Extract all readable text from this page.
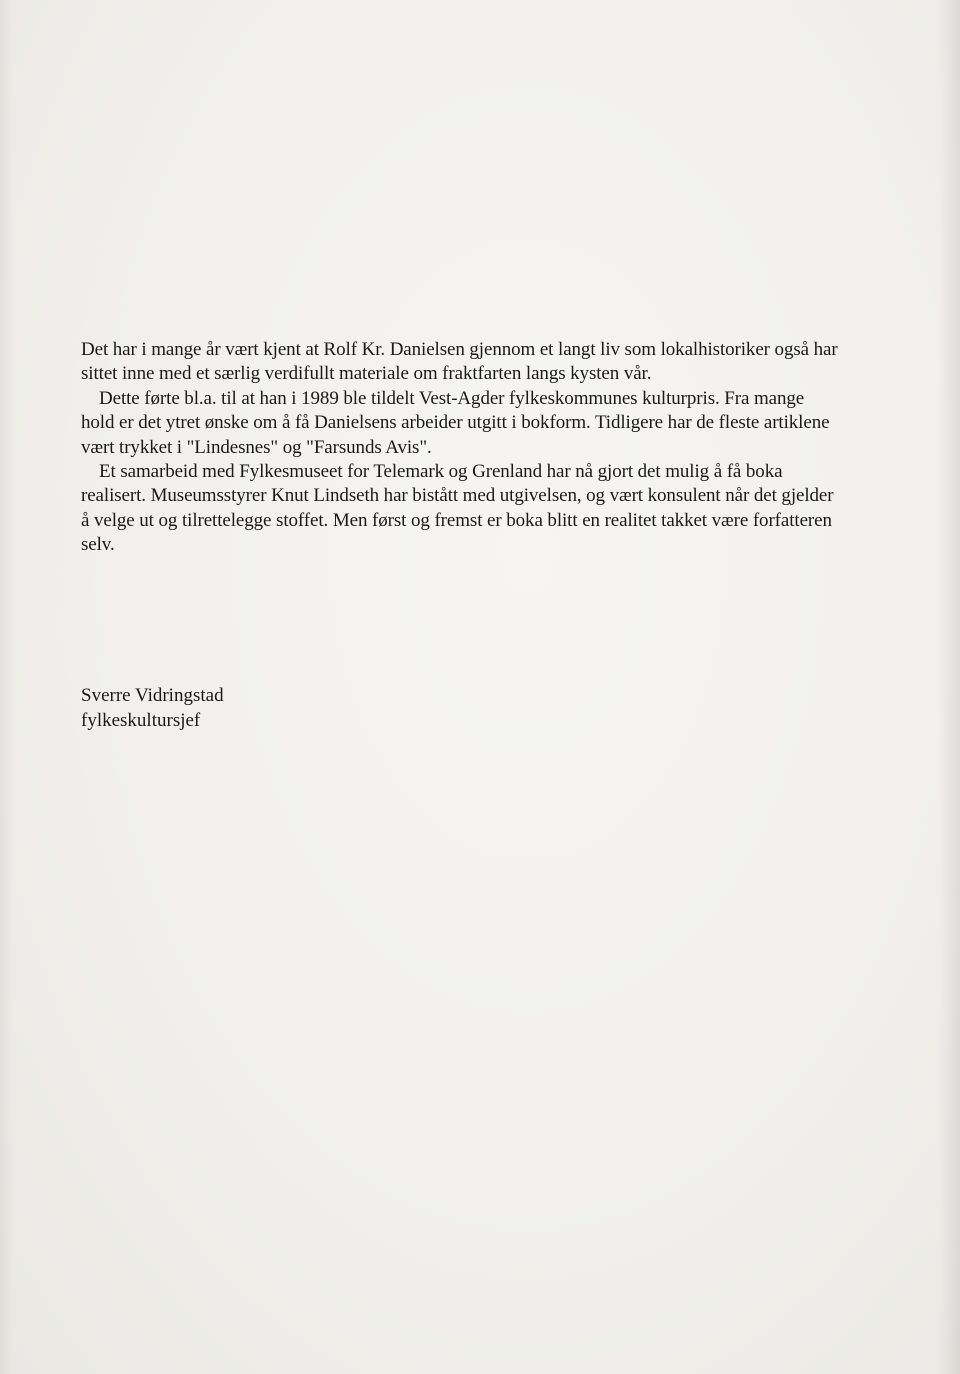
Det har i mange år vært kjent at Rolf Kr. Danielsen gjennom et langt liv som lokalhistoriker også har sittet inne med et særlig verdifullt materiale om fraktfarten langs kysten vår.

Dette førte bl.a. til at han i 1989 ble tildelt Vest-Agder fylkeskommunes kulturpris. Fra mange hold er det ytret ønske om å få Danielsens arbeider utgitt i bokform. Tidligere har de fleste artiklene vært trykket i "Lindesnes" og "Farsunds Avis".

Et samarbeid med Fylkesmuseet for Telemark og Grenland har nå gjort det mulig å få boka realisert. Museumsstyrer Knut Lindseth har bistått med utgivelsen, og vært konsulent når det gjelder å velge ut og tilrettelegge stoffet. Men først og fremst er boka blitt en realitet takket være forfatteren selv.

Sverre Vidringstad
fylkeskultursjef
